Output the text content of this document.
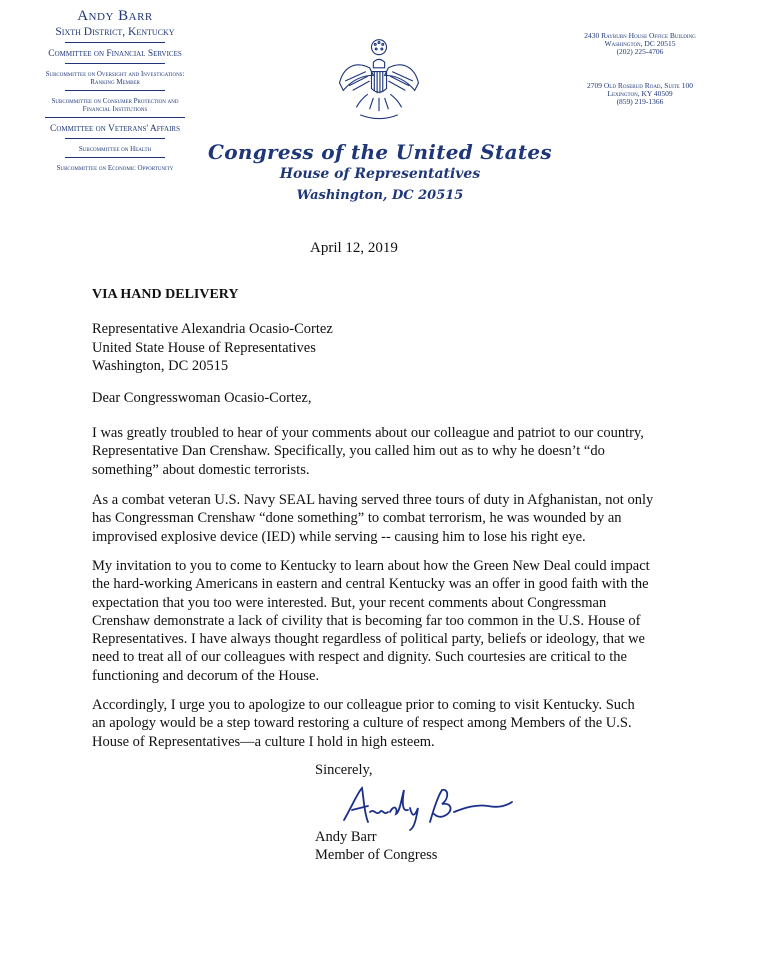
Andy Barr
Sixth District, Kentucky
Committee on Financial Services
Subcommittee on Oversight and Investigations: Ranking Member
Subcommittee on Consumer Protection and Financial Institutions
Committee on Veterans' Affairs
Subcommittee on Health
Subcommittee on Economic Opportunity
2430 Rayburn House Office Building
Washington, DC 20515
(202) 225-4706
2709 Old Rosebud Road, Suite 100
Lexington, KY 40509
(859) 219-1366
Congress of the United States
House of Representatives
Washington, DC 20515
April 12, 2019
VIA HAND DELIVERY
Representative Alexandria Ocasio-Cortez
United State House of Representatives
Washington, DC 20515
Dear Congresswoman Ocasio-Cortez,
I was greatly troubled to hear of your comments about our colleague and patriot to our country,
Representative Dan Crenshaw. Specifically, you called him out as to why he doesn’t “do
something” about domestic terrorists.
As a combat veteran U.S. Navy SEAL having served three tours of duty in Afghanistan, not only
has Congressman Crenshaw “done something” to combat terrorism, he was wounded by an
improvised explosive device (IED) while serving -- causing him to lose his right eye.
My invitation to you to come to Kentucky to learn about how the Green New Deal could impact
the hard-working Americans in eastern and central Kentucky was an offer in good faith with the
expectation that you too were interested. But, your recent comments about Congressman
Crenshaw demonstrate a lack of civility that is becoming far too common in the U.S. House of
Representatives. I have always thought regardless of political party, beliefs or ideology, that we
need to treat all of our colleagues with respect and dignity. Such courtesies are critical to the
functioning and decorum of the House.
Accordingly, I urge you to apologize to our colleague prior to coming to visit Kentucky. Such
an apology would be a step toward restoring a culture of respect among Members of the U.S.
House of Representatives—a culture I hold in high esteem.
Sincerely,
Andy Barr
Member of Congress
